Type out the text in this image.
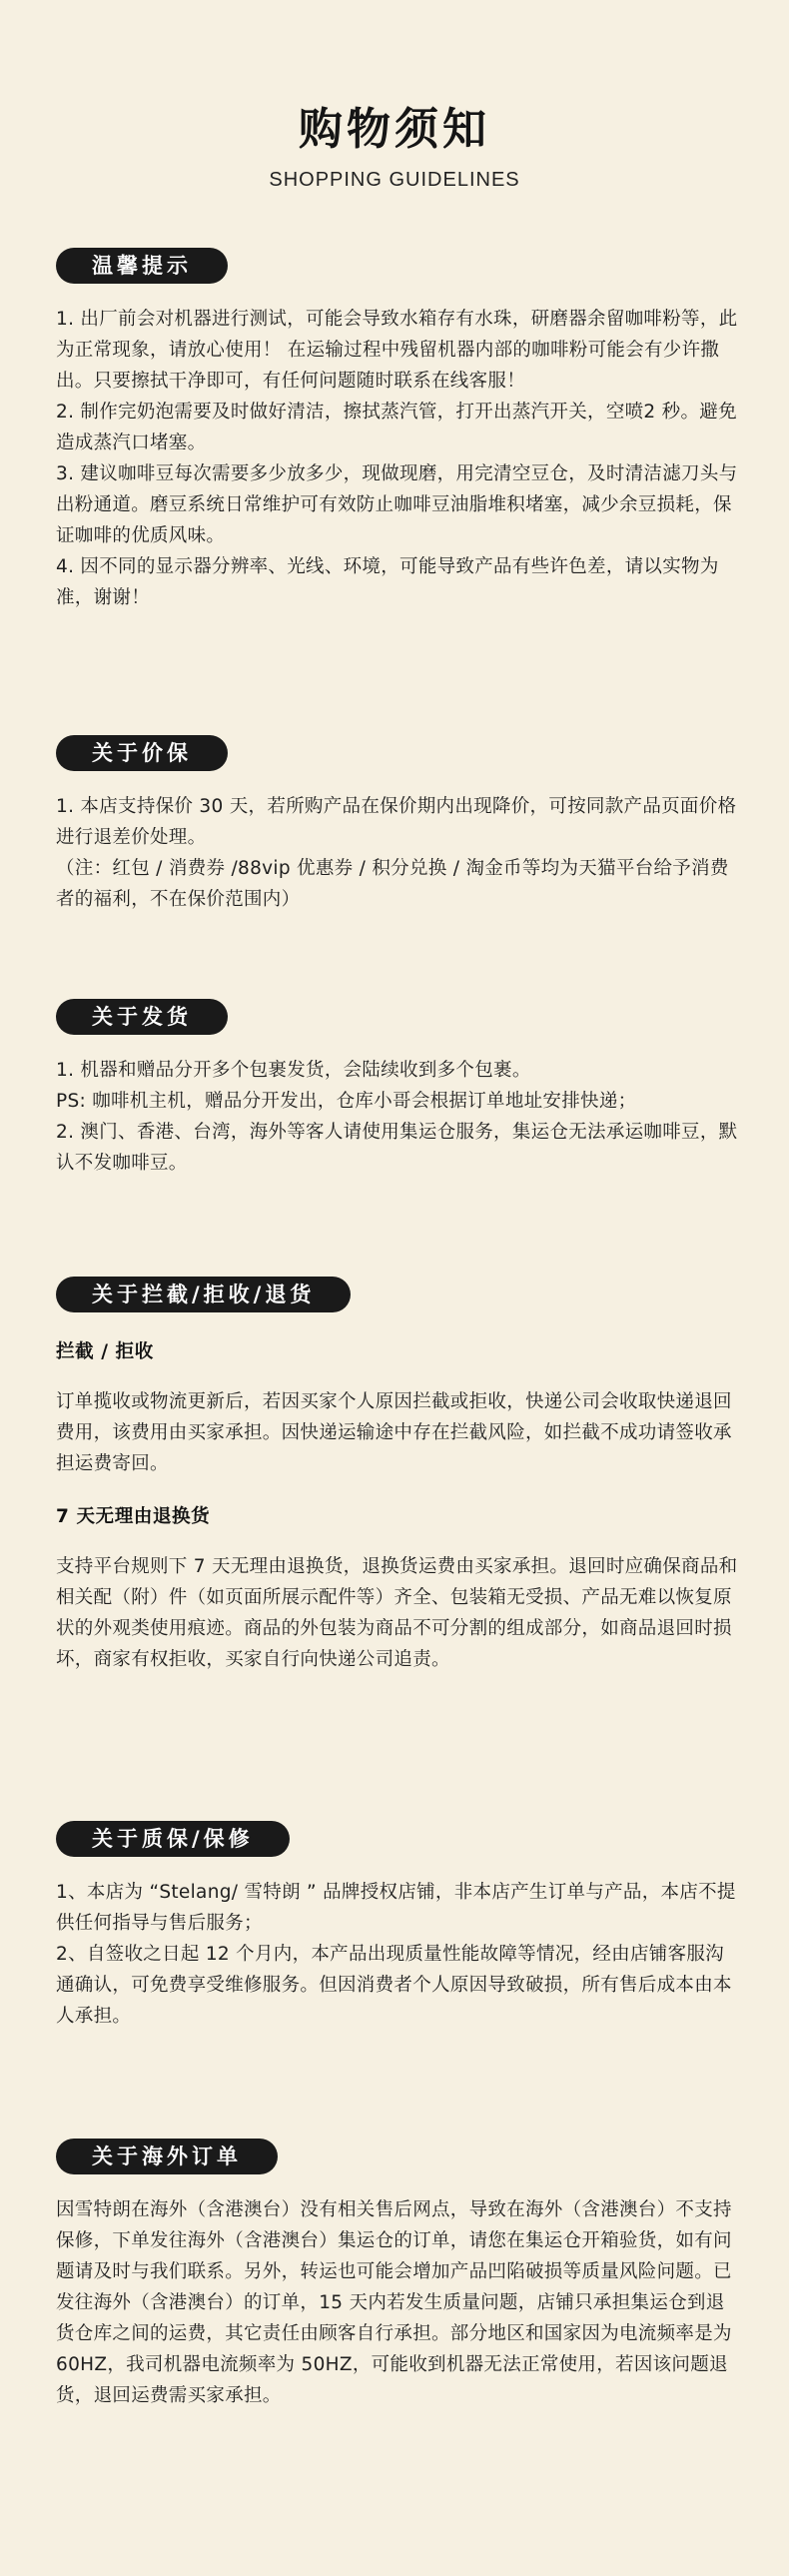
购物须知
SHOPPING GUIDELINES
温馨提示

1. 出厂前会对机器进行测试，可能会导致水箱存有水珠，研磨器余留咖啡粉等，此为正常现象，请放心使用！ 在运输过程中残留机器内部的咖啡粉可能会有少许撒出。只要擦拭干净即可，有任何问题随时联系在线客服！

2. 制作完奶泡需要及时做好清洁，擦拭蒸汽管，打开出蒸汽开关，空喷2 秒。避免造成蒸汽口堵塞。

3. 建议咖啡豆每次需要多少放多少，现做现磨，用完清空豆仓，及时清洁滤刀头与出粉通道。磨豆系统日常维护可有效防止咖啡豆油脂堆积堵塞，减少余豆损耗，保证咖啡的优质风味。

4. 因不同的显示器分辨率、光线、环境，可能导致产品有些许色差，请以实物为准，谢谢！

关于价保

1. 本店支持保价 30 天，若所购产品在保价期内出现降价，可按同款产品页面价格进行退差价处理。

（注：红包 / 消费券 /88vip 优惠券 / 积分兑换 / 淘金币等均为天猫平台给予消费者的福利，不在保价范围内）

关于发货

1. 机器和赠品分开多个包裹发货，会陆续收到多个包裹。

PS: 咖啡机主机，赠品分开发出，仓库小哥会根据订单地址安排快递；

2. 澳门、香港、台湾，海外等客人请使用集运仓服务，集运仓无法承运咖啡豆，默认不发咖啡豆。

关于拦截/拒收/退货
拦截 / 拒收

订单揽收或物流更新后，若因买家个人原因拦截或拒收，快递公司会收取快递退回费用，该费用由买家承担。因快递运输途中存在拦截风险，如拦截不成功请签收承担运费寄回。

7 天无理由退换货

支持平台规则下 7 天无理由退换货，退换货运费由买家承担。退回时应确保商品和相关配（附）件（如页面所展示配件等）齐全、包装箱无受损、产品无难以恢复原状的外观类使用痕迹。商品的外包装为商品不可分割的组成部分，如商品退回时损坏，商家有权拒收，买家自行向快递公司追责。

关于质保/保修

1、本店为 “Stelang/ 雪特朗 ” 品牌授权店铺，非本店产生订单与产品，本店不提供任何指导与售后服务；

2、自签收之日起 12 个月内，本产品出现质量性能故障等情况，经由店铺客服沟通确认，可免费享受维修服务。但因消费者个人原因导致破损，所有售后成本由本人承担。

关于海外订单

因雪特朗在海外（含港澳台）没有相关售后网点，导致在海外（含港澳台）不支持保修，下单发往海外（含港澳台）集运仓的订单，请您在集运仓开箱验货，如有问题请及时与我们联系。另外，转运也可能会增加产品凹陷破损等质量风险问题。已发往海外（含港澳台）的订单，15 天内若发生质量问题，店铺只承担集运仓到退货仓库之间的运费，其它责任由顾客自行承担。部分地区和国家因为电流频率是为 60HZ，我司机器电流频率为 50HZ，可能收到机器无法正常使用，若因该问题退货，退回运费需买家承担。
